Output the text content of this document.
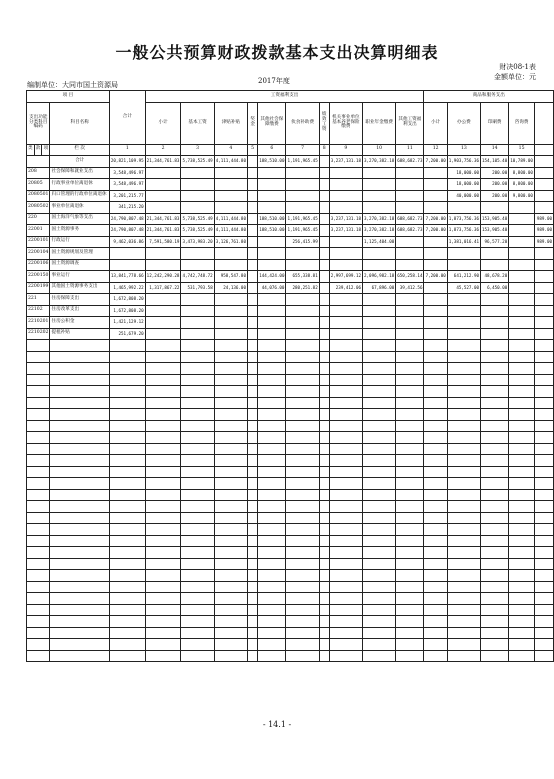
一般公共预算财政拨款基本支出决算明细表
财决08-1表
金额单位：元
编制单位：大同市国土资源局	2017年度
项 目				合计	工资福利支出										商品和服务支出				
支出功能分类科目编码			科目名称		小计	基本工资	津贴补贴	奖金	其他社会保障缴费	伙食补助费	绩效工资	机关事业单位基本养老保险缴费	职业年金缴费	其他工资福利支出	小计	办公费	印刷费	咨询费	

类	款	项	栏 次	1	2	3	4	5	6	7	8	9	10	11	12	13	14	15	
			合计	20,821,109.95	21,344,761.83	5,738,525.49	4,111,444.80		188,510.00	1,191,965.45		3,237,131.18	3,270,382.18	688,682.73	7,200.00	1,903,756.36	154,105.40	10,789.00	
208			社会保障和就业支出	3,548,496.97												18,000.00	200.00	8,800.00	
20805			行政事业单位离退休	3,548,496.97												18,000.00	200.00	8,800.00	
2080501			归口管理的行政单位离退休	3,201,215.77												40,000.00	200.00	9,800.00	
2080502			事业单位离退休	341,215.20															
220			国土海洋气象等支出	24,790,807.48	21,344,761.83	5,738,525.49	4,111,444.80		188,510.00	1,191,965.45		3,237,131.18	3,270,382.18	688,682.73	7,200.00	1,873,756.36	153,905.40		989.00
22001			国土资源事务	24,790,807.48	21,344,761.83	5,738,525.49	4,111,444.80		188,510.00	1,191,965.45		3,237,131.18	3,270,382.18	688,682.73	7,200.00	1,873,756.36	153,905.40		989.00
2200101			行政运行	9,462,036.86	7,591,580.19	3,473,983.20	3,126,761.80			256,415.99			1,125,404.00			1,381,016.41	96,577.20		989.00
2200104			国土资源规划及管理																
2200106			国土资源调查																
2200150			事业运行	13,841,778.66	12,242,290.28	4,742,748.72	958,547.80		144,424.00	655,338.81		2,997,699.12	2,096,982.18	650,258.14	7,200.00	641,212.90	48,678.20		
2200199			其他国土资源事务支出	1,465,992.22	1,317,867.22	531,793.58	24,136.00		44,076.00	280,251.82		239,412.06	67,896.00	39,412.56		45,527.00	6,450.00		
221			住房保障支出	1,672,808.20															
22102			住房改革支出	1,672,808.20															
2210201			住房公积金	1,421,129.12															
2210202			提租补贴	251,679.20															

- 14.1 -
